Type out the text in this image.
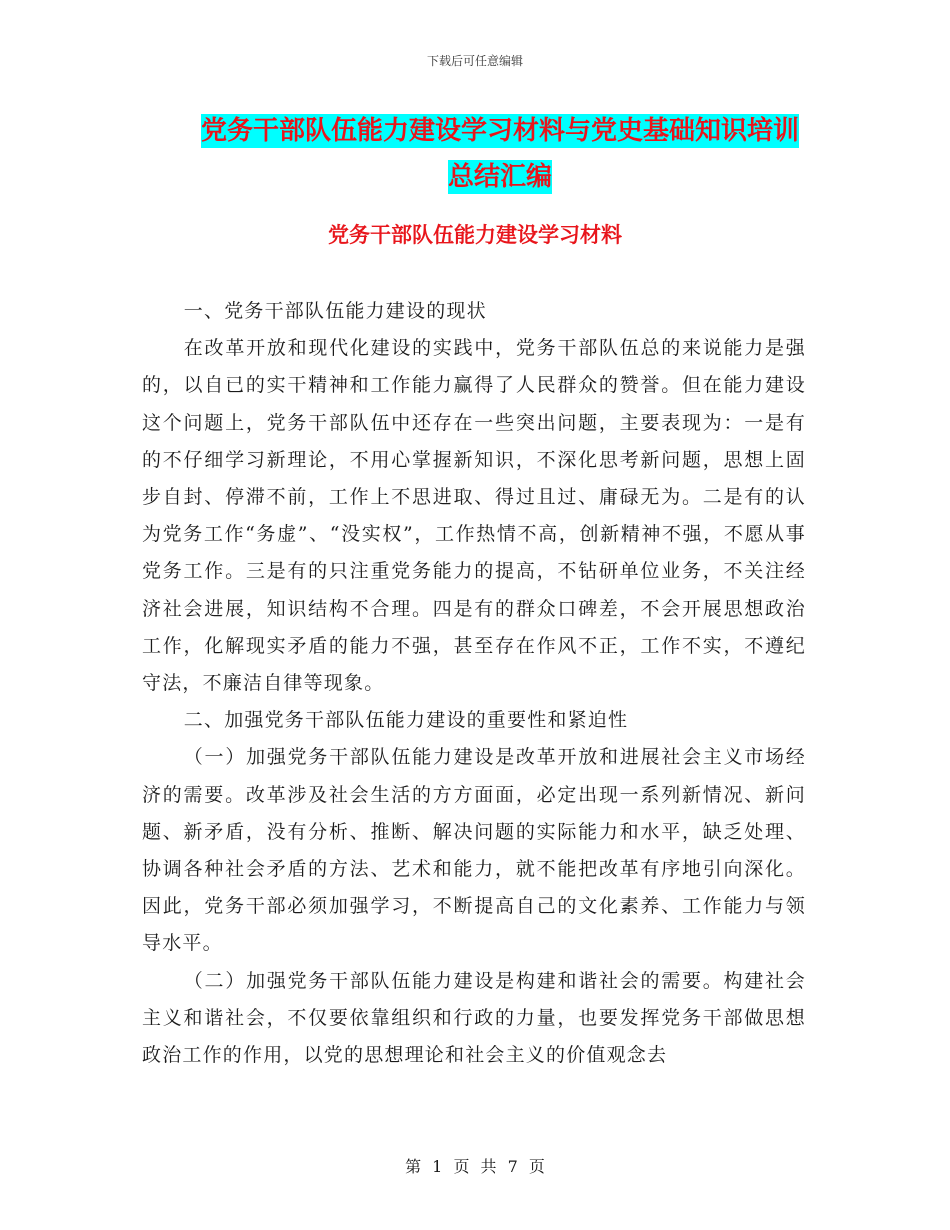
下载后可任意编辑
党务干部队伍能力建设学习材料与党史基础知识培训总结汇编
党务干部队伍能力建设学习材料

一、党务干部队伍能力建设的现状

在改革开放和现代化建设的实践中，党务干部队伍总的来说能力是强的，以自已的实干精神和工作能力赢得了人民群众的赞誉。但在能力建设这个问题上，党务干部队伍中还存在一些突出问题，主要表现为：一是有的不仔细学习新理论，不用心掌握新知识，不深化思考新问题，思想上固步自封、停滞不前，工作上不思进取、得过且过、庸碌无为。二是有的认为党务工作“务虚”、“没实权”，工作热情不高，创新精神不强，不愿从事党务工作。三是有的只注重党务能力的提高，不钻研单位业务，不关注经济社会进展，知识结构不合理。四是有的群众口碑差，不会开展思想政治工作，化解现实矛盾的能力不强，甚至存在作风不正，工作不实，不遵纪守法，不廉洁自律等现象。

二、加强党务干部队伍能力建设的重要性和紧迫性

（一）加强党务干部队伍能力建设是改革开放和进展社会主义市场经济的需要。改革涉及社会生活的方方面面，必定出现一系列新情况、新问题、新矛盾，没有分析、推断、解决问题的实际能力和水平，缺乏处理、协调各种社会矛盾的方法、艺术和能力，就不能把改革有序地引向深化。因此，党务干部必须加强学习，不断提高自己的文化素养、工作能力与领导水平。

（二）加强党务干部队伍能力建设是构建和谐社会的需要。构建社会主义和谐社会，不仅要依靠组织和行政的力量，也要发挥党务干部做思想政治工作的作用，以党的思想理论和社会主义的价值观念去

第 1 页 共 7 页
